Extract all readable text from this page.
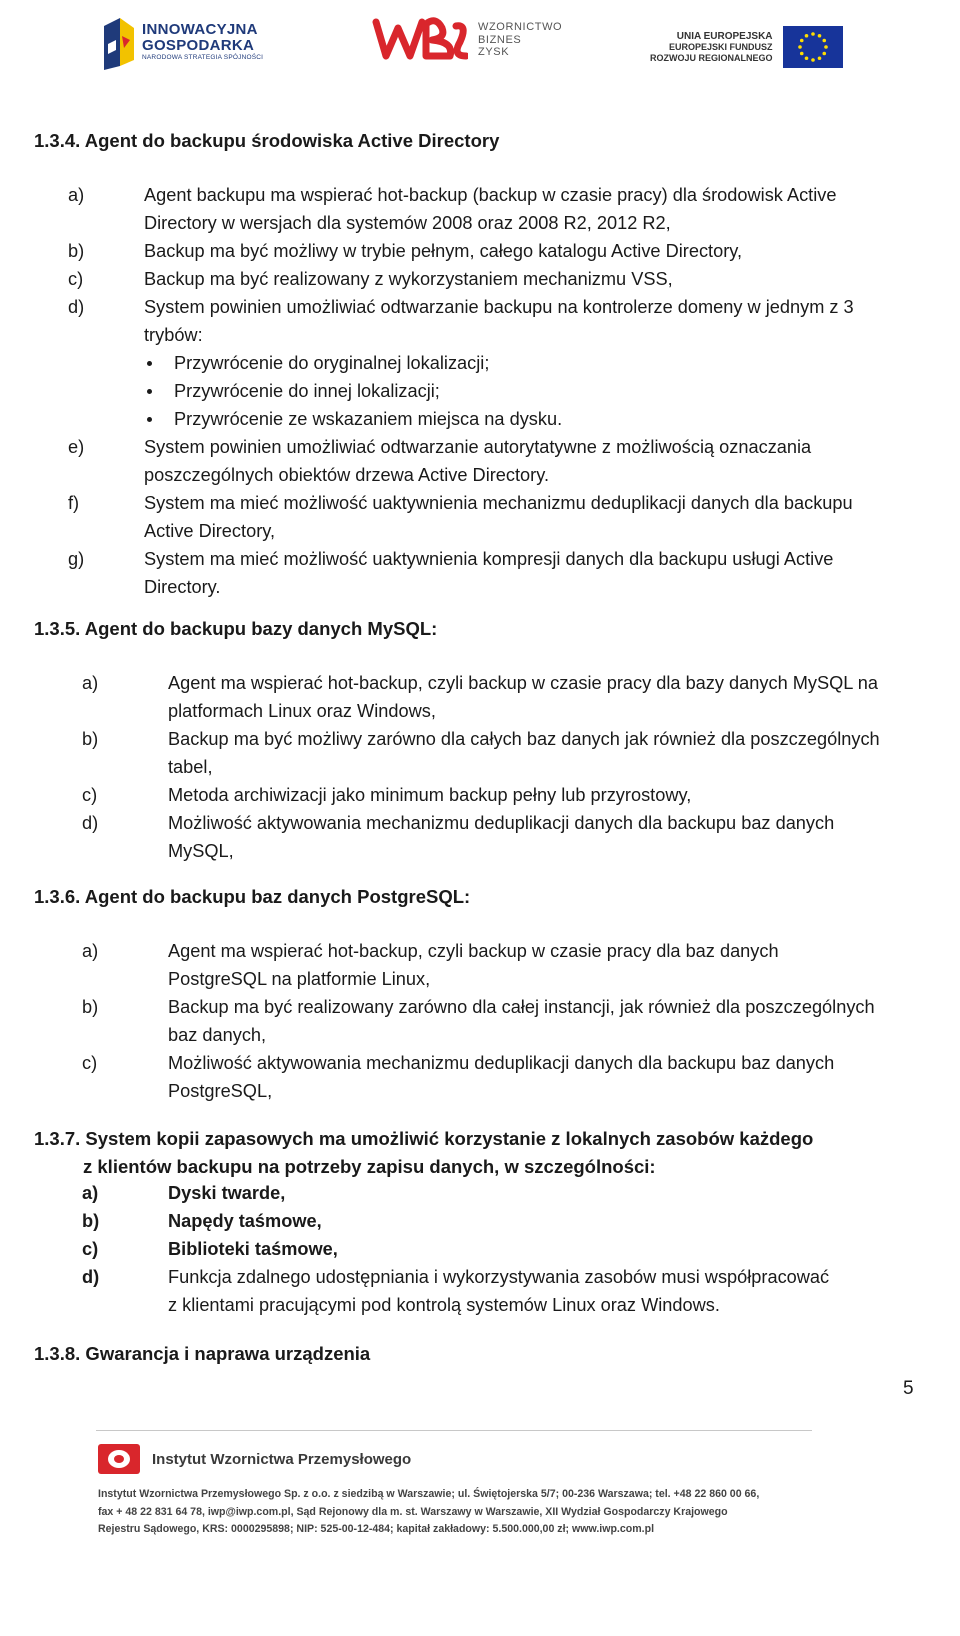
INNOWACYJNA
GOSPODARKA
NARODOWA STRATEGIA SPÓJNOŚCI
WZORNICTWO
BIZNES
ZYSK
UNIA EUROPEJSKA
EUROPEJSKI FUNDUSZ
ROZWOJU REGIONALNEGO
1.3.4. Agent do backupu środowiska Active Directory
a)	Agent backupu ma wspierać hot-backup (backup w czasie pracy) dla środowisk Active
Directory w wersjach dla systemów 2008 oraz 2008 R2, 2012 R2,
b)	Backup ma być możliwy w trybie pełnym, całego katalogu Active Directory,
c)	Backup ma być realizowany z wykorzystaniem mechanizmu VSS,
d)	System powinien umożliwiać odtwarzanie backupu na kontrolerze domeny w jednym z 3
trybów:
Przywrócenie do oryginalnej lokalizacji;
Przywrócenie do innej lokalizacji;
Przywrócenie ze wskazaniem miejsca na dysku.
e)	System powinien umożliwiać odtwarzanie autorytatywne z możliwością oznaczania
poszczególnych obiektów drzewa Active Directory.
f)	System ma mieć możliwość uaktywnienia mechanizmu deduplikacji danych dla backupu
Active Directory,
g)	System ma mieć możliwość uaktywnienia kompresji danych dla backupu usługi Active
Directory.
1.3.5. Agent do backupu bazy danych MySQL:
a)	Agent ma wspierać hot-backup, czyli backup w czasie pracy dla bazy danych MySQL na
platformach Linux oraz Windows,
b)	Backup ma być możliwy zarówno dla całych baz danych jak również dla poszczególnych
tabel,
c)	Metoda archiwizacji jako minimum backup pełny lub przyrostowy,
d)	Możliwość aktywowania mechanizmu deduplikacji danych dla backupu baz danych
MySQL,
1.3.6. Agent do backupu baz danych PostgreSQL:
a)	Agent ma wspierać hot-backup, czyli backup w czasie pracy dla baz danych
PostgreSQL na platformie Linux,
b)	Backup ma być realizowany zarówno dla całej instancji, jak również dla poszczególnych
baz danych,
c)	Możliwość aktywowania mechanizmu deduplikacji danych dla backupu baz danych
PostgreSQL,
1.3.7. System kopii zapasowych ma umożliwić korzystanie z lokalnych zasobów każdego
z klientów backupu na potrzeby zapisu danych, w szczególności:
a)	Dyski twarde,
b)	Napędy taśmowe,
c)	Biblioteki taśmowe,
d)	Funkcja zdalnego udostępniania i wykorzystywania zasobów musi współpracować
z klientami pracującymi pod kontrolą systemów Linux oraz Windows.
1.3.8. Gwarancja i naprawa urządzenia
5
Instytut Wzornictwa Przemysłowego
Instytut Wzornictwa Przemysłowego Sp. z o.o. z siedzibą w Warszawie; ul. Świętojerska 5/7; 00-236 Warszawa; tel. +48 22 860 00 66,
fax + 48 22 831 64 78, iwp@iwp.com.pl, Sąd Rejonowy dla m. st. Warszawy w Warszawie, XII Wydział Gospodarczy Krajowego
Rejestru Sądowego, KRS: 0000295898; NIP: 525-00-12-484; kapitał zakładowy: 5.500.000,00 zł; www.iwp.com.pl
